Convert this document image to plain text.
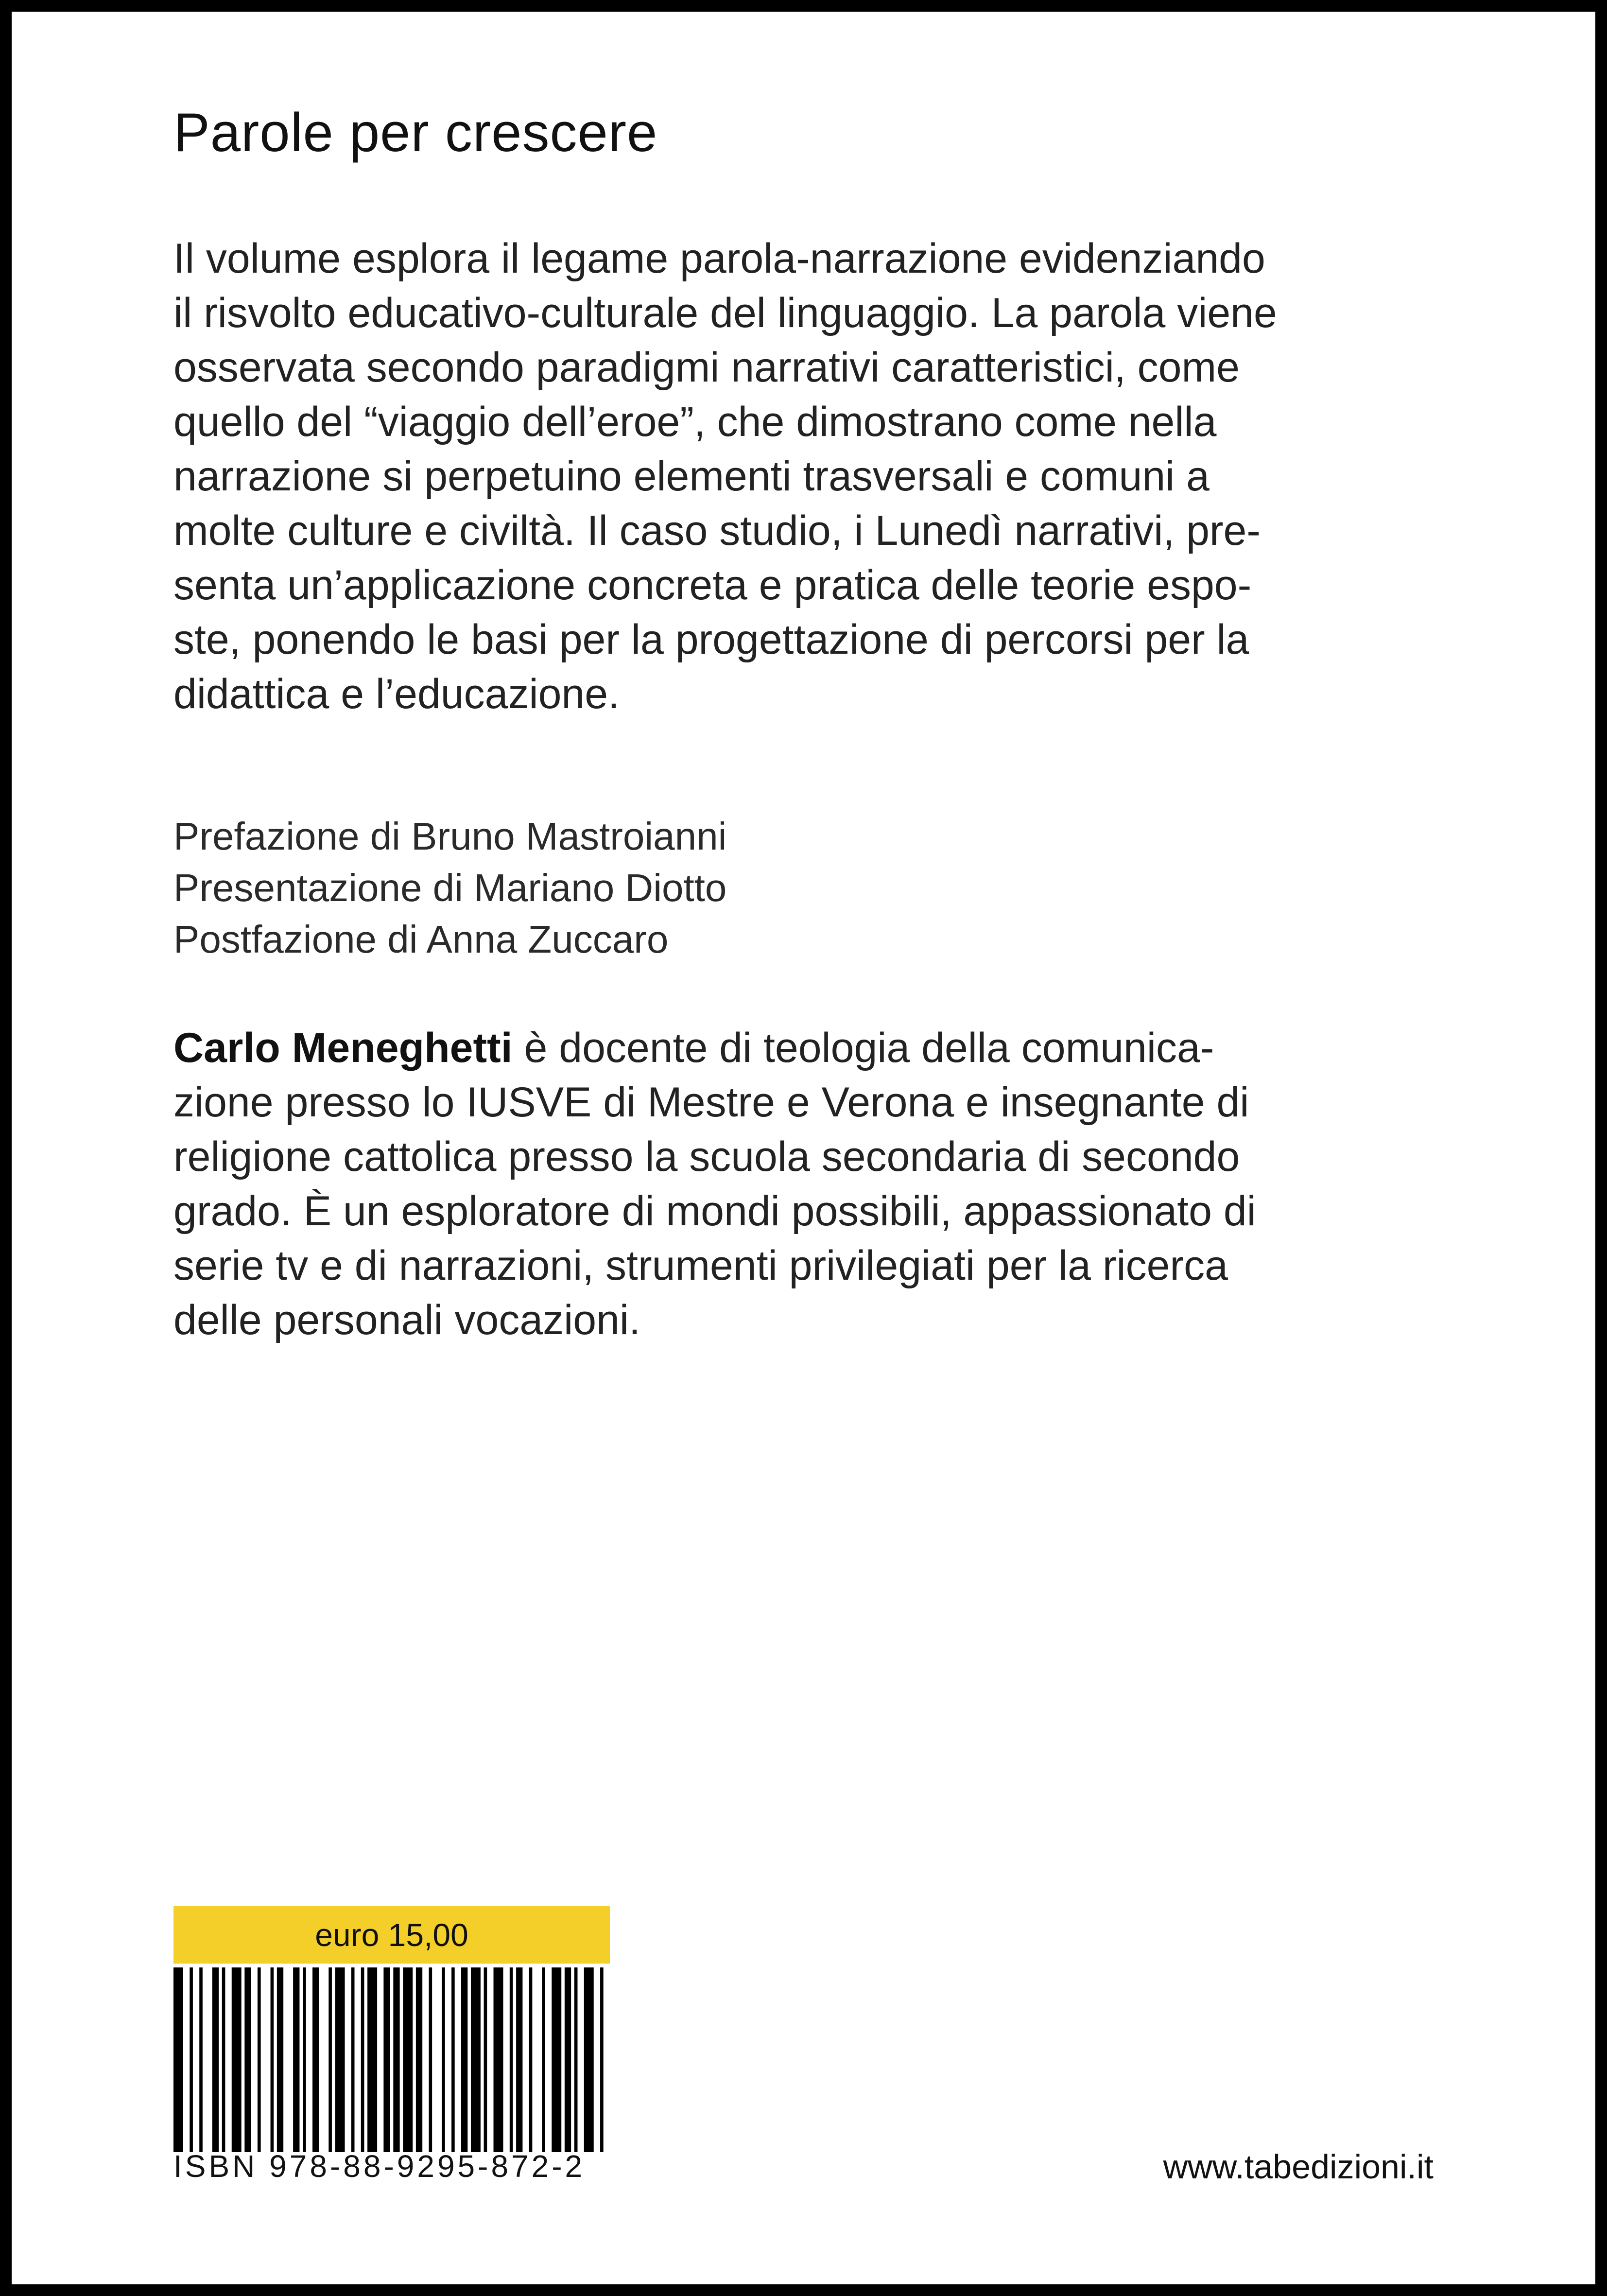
Parole per crescere

Il volume esplora il legame parola-narrazione evidenziando
il risvolto educativo-culturale del linguaggio. La parola viene
osservata secondo paradigmi narrativi caratteristici, come
quello del “viaggio dell’eroe”, che dimostrano come nella
narrazione si perpetuino elementi trasversali e comuni a
molte culture e civiltà. Il caso studio, i Lunedì narrativi, pre-
senta un’applicazione concreta e pratica delle teorie espo-
ste, ponendo le basi per la progettazione di percorsi per la
didattica e l’educazione.

Prefazione di Bruno Mastroianni
Presentazione di Mariano Diotto
Postfazione di Anna Zuccaro

Carlo Meneghetti è docente di teologia della comunica-
zione presso lo IUSVE di Mestre e Verona e insegnante di
religione cattolica presso la scuola secondaria di secondo
grado. È un esploratore di mondi possibili, appassionato di
serie tv e di narrazioni, strumenti privilegiati per la ricerca
delle personali vocazioni.

euro 15,00
ISBN 978-88-9295-872-2	www.tabedizioni.it
